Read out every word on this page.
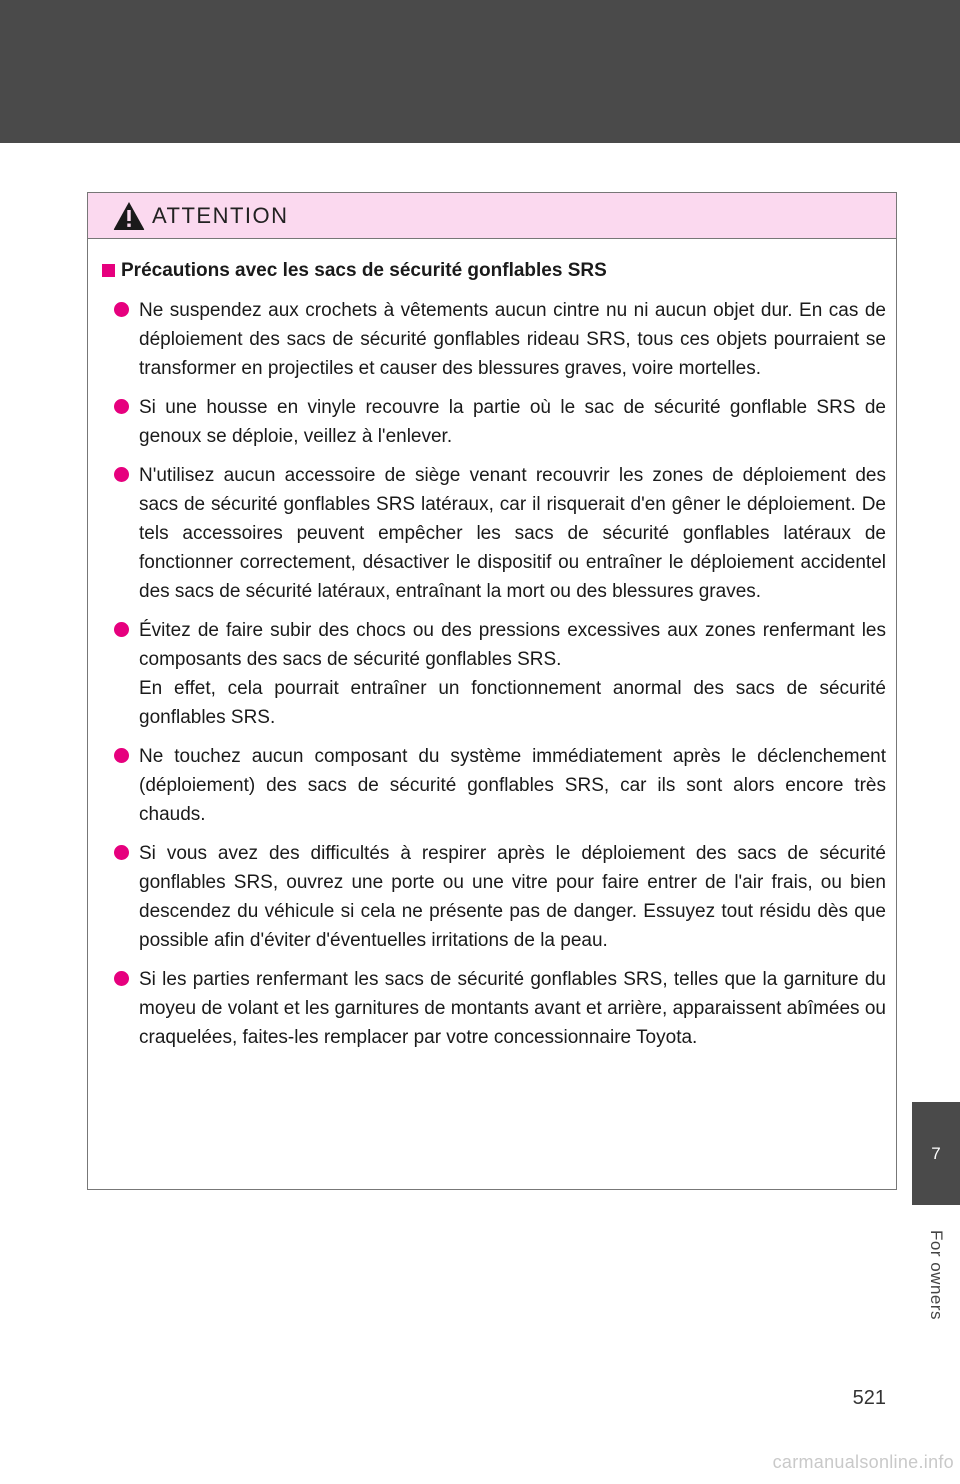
ATTENTION
Précautions avec les sacs de sécurité gonflables SRS

Ne suspendez aux crochets à vêtements aucun cintre nu ni aucun objet dur. En cas de déploiement des sacs de sécurité gonflables rideau SRS, tous ces objets pourraient se transformer en projectiles et causer des blessures graves, voire mortelles.

Si une housse en vinyle recouvre la partie où le sac de sécurité gonflable SRS de genoux se déploie, veillez à l'enlever.

N'utilisez aucun accessoire de siège venant recouvrir les zones de déploiement des sacs de sécurité gonflables SRS latéraux, car il risquerait d'en gêner le déploiement. De tels accessoires peuvent empêcher les sacs de sécurité gonflables latéraux de fonctionner correctement, désactiver le dispositif ou entraîner le déploiement accidentel des sacs de sécurité latéraux, entraînant la mort ou des blessures graves.

Évitez de faire subir des chocs ou des pressions excessives aux zones renfermant les composants des sacs de sécurité gonflables SRS.

En effet, cela pourrait entraîner un fonctionnement anormal des sacs de sécurité gonflables SRS.

Ne touchez aucun composant du système immédiatement après le déclenchement (déploiement) des sacs de sécurité gonflables SRS, car ils sont alors encore très chauds.

Si vous avez des difficultés à respirer après le déploiement des sacs de sécurité gonflables SRS, ouvrez une porte ou une vitre pour faire entrer de l'air frais, ou bien descendez du véhicule si cela ne présente pas de danger. Essuyez tout résidu dès que possible afin d'éviter d'éventuelles irritations de la peau.

Si les parties renfermant les sacs de sécurité gonflables SRS, telles que la garniture du moyeu de volant et les garnitures de montants avant et arrière, apparaissent abîmées ou craquelées, faites-les remplacer par votre concessionnaire Toyota.

7
For owners
521
carmanualsonline.info
